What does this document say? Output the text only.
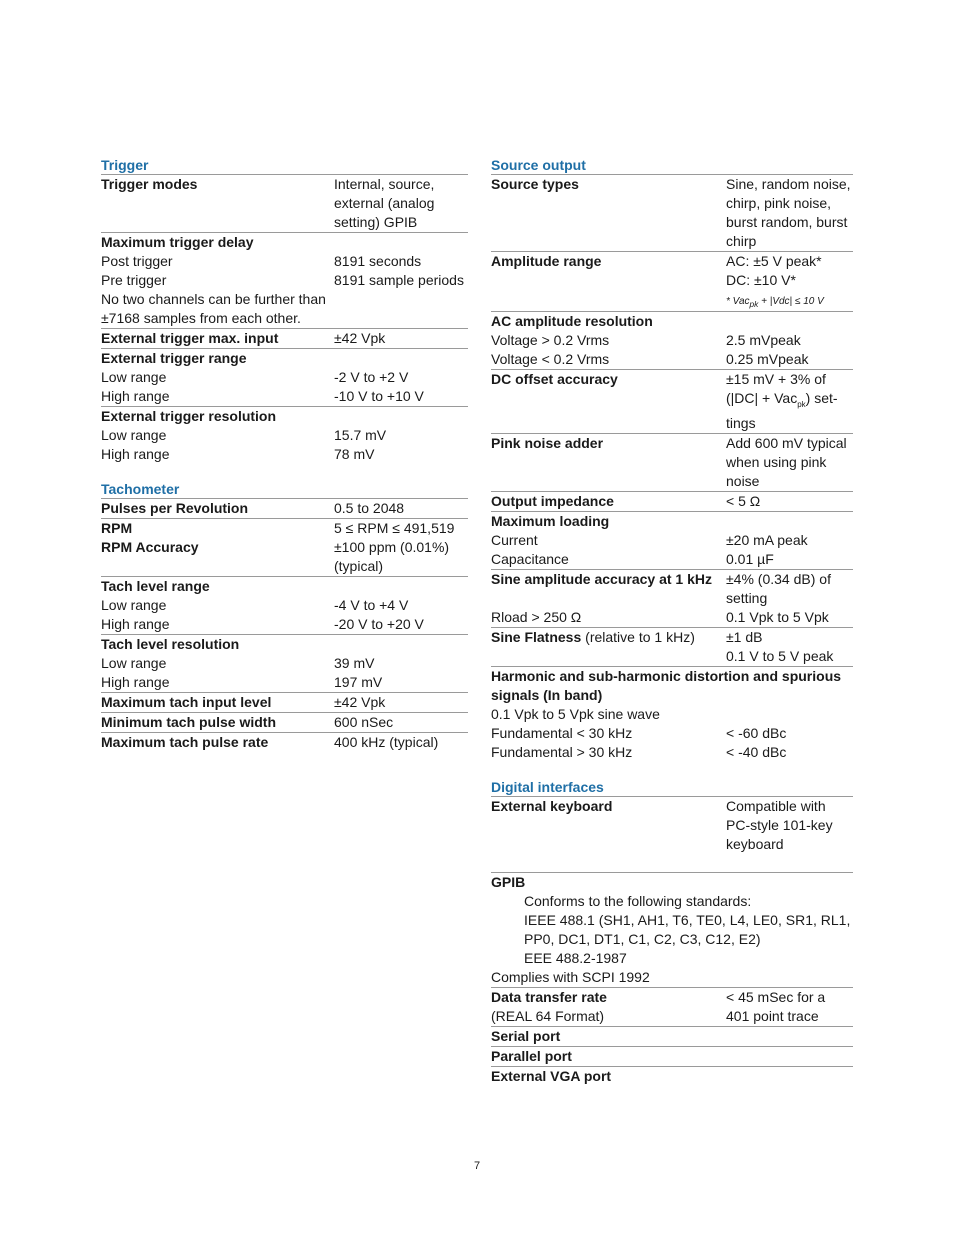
Trigger
Trigger modes	Internal, source,
external (analog
setting) GPIB
Maximum trigger delay
Post trigger	8191 seconds
Pre trigger	8191 sample periods
No two channels can be further than
±7168 samples from each other.
External trigger max. input	±42 Vpk
External trigger range
Low range	-2 V to +2 V
High range	-10 V to +10 V
External trigger resolution
Low range	15.7 mV
High range	78 mV
Tachometer
Pulses per Revolution	0.5 to 2048
RPM	5 ≤ RPM ≤ 491,519
RPM Accuracy	±100 ppm (0.01%)
(typical)
Tach level range
Low range	-4 V to +4 V
High range	-20 V to +20 V
Tach level resolution
Low range	39 mV
High range	197 mV
Maximum tach input level	±42 Vpk
Minimum tach pulse width	600 nSec
Maximum tach pulse rate	400 kHz (typical)
Source output
Source types	Sine, random noise,
chirp, pink noise,
burst random, burst
chirp
Amplitude range	AC: ±5 V peak*
DC: ±10 V*
* Vac$_{pk}$ + |Vdc| ≤ 10 V
AC amplitude resolution
Voltage > 0.2 Vrms	2.5 mVpeak
Voltage < 0.2 Vrms	0.25 mVpeak
DC offset accuracy	±15 mV + 3% of
(|DC| + Vac$_{pk}$) set-
tings
Pink noise adder	Add 600 mV typical
when using pink
noise
Output impedance	< 5 Ω
Maximum loading
Current	±20 mA peak
Capacitance	0.01 µF
Sine amplitude accuracy at 1 kHz	±4% (0.34 dB) of
setting
Rload > 250 Ω	0.1 Vpk to 5 Vpk
Sine Flatness (relative to 1 kHz)	±1 dB
0.1 V to 5 V peak
Harmonic and sub-harmonic distortion and spurious
signals (In band)
0.1 Vpk to 5 Vpk sine wave
Fundamental < 30 kHz	< -60 dBc
Fundamental > 30 kHz	< -40 dBc
Digital interfaces
External keyboard	Compatible with
PC-style 101-key
keyboard
GPIB
Conforms to the following standards:
IEEE 488.1 (SH1, AH1, T6, TE0, L4, LE0, SR1, RL1,
PP0, DC1, DT1, C1, C2, C3, C12, E2)
EEE 488.2-1987
Complies with SCPI 1992
Data transfer rate	< 45 mSec for a
(REAL 64 Format)	401 point trace
Serial port
Parallel port
External VGA port
7
